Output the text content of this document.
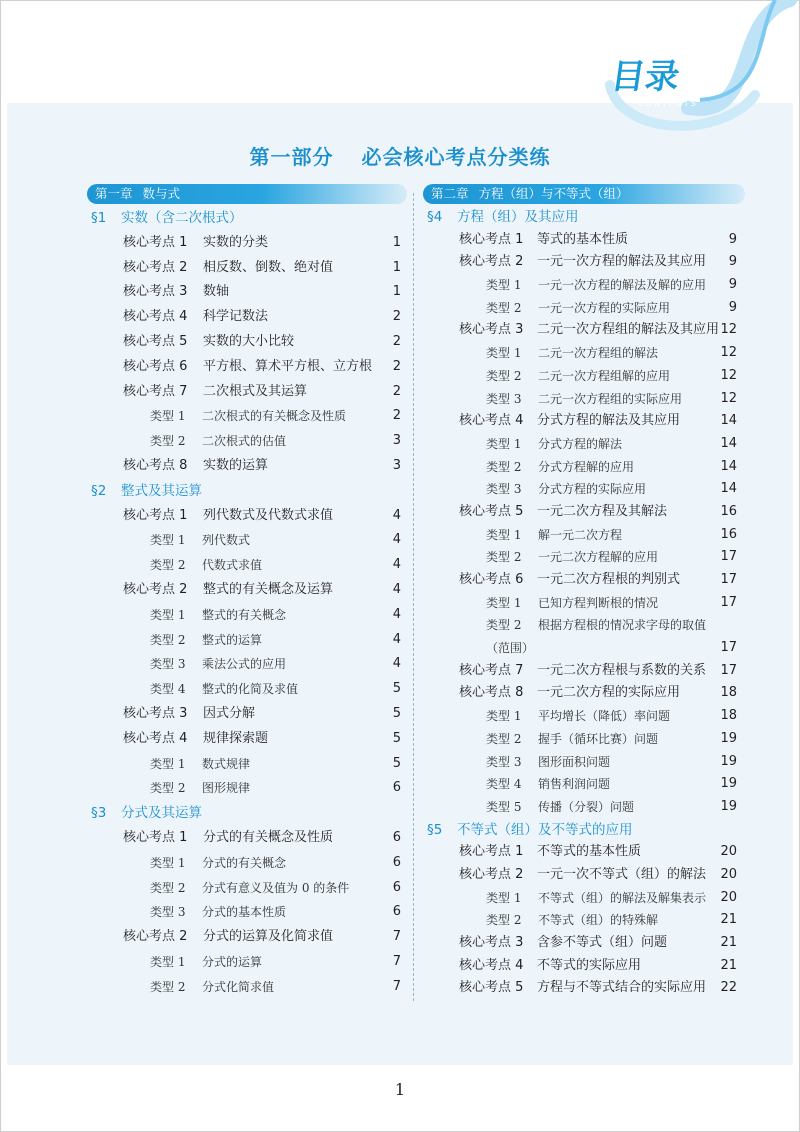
目录
CONTENTS
第一部分 必会核心考点分类练
第一章 数与式
§1 实数（含二次根式）
核心考点 1 实数的分类	1
核心考点 2 相反数、倒数、绝对值	1
核心考点 3 数轴	1
核心考点 4 科学记数法	2
核心考点 5 实数的大小比较	2
核心考点 6 平方根、算术平方根、立方根 2
核心考点 7 二次根式及其运算	2
类型 1 二次根式的有关概念及性质	2
类型 2 二次根式的估值	3
核心考点 8 实数的运算	3
§2 整式及其运算
核心考点 1 列代数式及代数式求值	4
类型 1 列代数式	4
类型 2 代数式求值	4
核心考点 2 整式的有关概念及运算	4
类型 1 整式的有关概念	4
类型 2 整式的运算	4
类型 3 乘法公式的应用	4
类型 4 整式的化简及求值	5
核心考点 3 因式分解	5
核心考点 4 规律探索题	5
类型 1 数式规律	5
类型 2 图形规律	6
§3 分式及其运算
核心考点 1 分式的有关概念及性质	6
类型 1 分式的有关概念	6
类型 2 分式有意义及值为 0 的条件	6
类型 3 分式的基本性质	6
核心考点 2 分式的运算及化简求值	7
类型 1 分式的运算	7
类型 2 分式化简求值	7
第二章 方程（组）与不等式（组）
§4 方程（组）及其应用
核心考点 1 等式的基本性质	9
核心考点 2 一元一次方程的解法及其应用 9
类型 1 一元一次方程的解法及解的应用 9
类型 2 一元一次方程的实际应用	9
核心考点 3 二元一次方程组的解法及其应用 12
类型 1 二元一次方程组的解法	12
类型 2 二元一次方程组解的应用	12
类型 3 二元一次方程组的实际应用	12
核心考点 4 分式方程的解法及其应用	14
类型 1 分式方程的解法	14
类型 2 分式方程解的应用	14
类型 3 分式方程的实际应用	14
核心考点 5 一元二次方程及其解法	16
类型 1 解一元二次方程	16
类型 2 一元二次方程解的应用	17
核心考点 6 一元二次方程根的判别式	17
类型 1 已知方程判断根的情况	17
类型 2 根据方程根的情况求字母的取值
（范围）	17
核心考点 7 一元二次方程根与系数的关系 17
核心考点 8 一元二次方程的实际应用	18
类型 1 平均增长（降低）率问题	18
类型 2 握手（循环比赛）问题	19
类型 3 图形面积问题	19
类型 4 销售利润问题	19
类型 5 传播（分裂）问题	19
§5 不等式（组）及不等式的应用
核心考点 1 不等式的基本性质	20
核心考点 2 一元一次不等式（组）的解法 20
类型 1 不等式（组）的解法及解集表示 20
类型 2 不等式（组）的特殊解	21
核心考点 3 含参不等式（组）问题	21
核心考点 4 不等式的实际应用	21
核心考点 5 方程与不等式结合的实际应用 22
1
